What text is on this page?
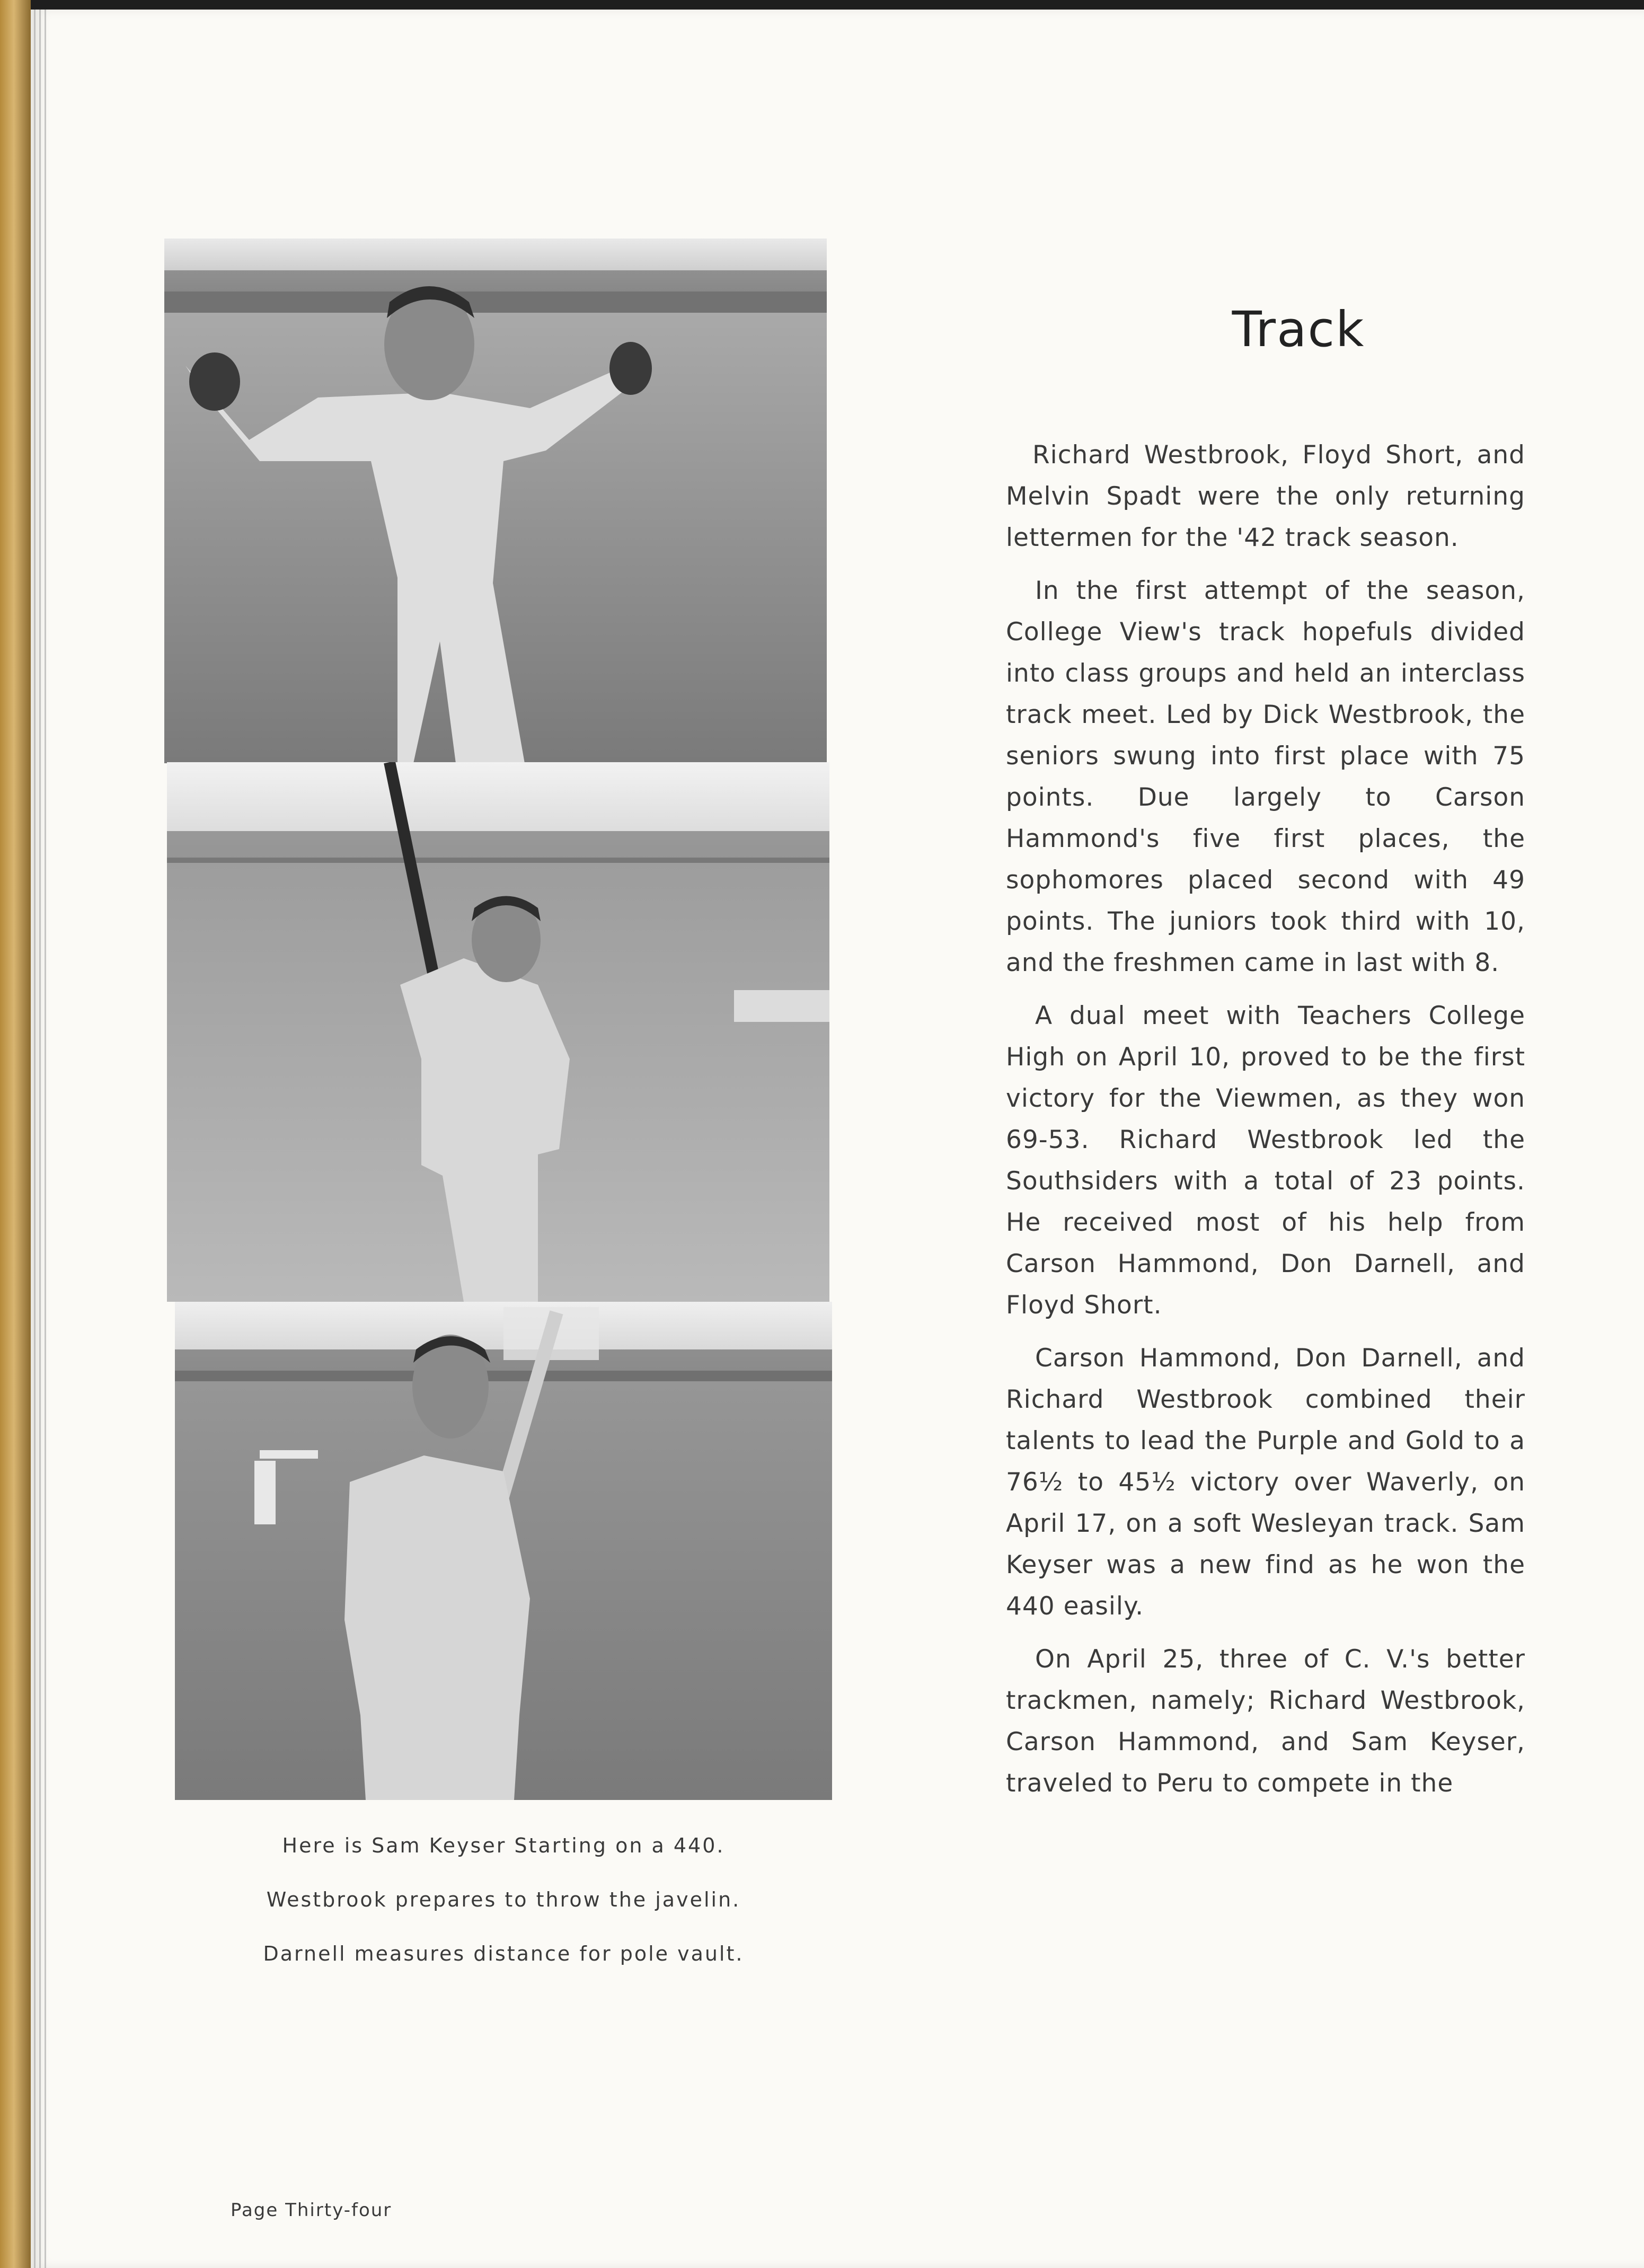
Here is Sam Keyser Starting on a 440.
Westbrook prepares to throw the javelin.
Darnell measures distance for pole vault.
Track

Richard Westbrook, Floyd Short, and Melvin Spadt were the only returning lettermen for the '42 track season.

In the first attempt of the season, College View's track hopefuls divided into class groups and held an interclass track meet. Led by Dick Westbrook, the seniors swung into first place with 75 points. Due largely to Carson Hammond's five first places, the sophomores placed second with 49 points. The juniors took third with 10, and the freshmen came in last with 8.

A dual meet with Teachers College High on April 10, proved to be the first victory for the Viewmen, as they won 69-53. Richard Westbrook led the Southsiders with a total of 23 points. He received most of his help from Carson Hammond, Don Darnell, and Floyd Short.

Carson Hammond, Don Darnell, and Richard Westbrook combined their talents to lead the Purple and Gold to a 76½ to 45½ victory over Waverly, on April 17, on a soft Wesleyan track. Sam Keyser was a new find as he won the 440 easily.

On April 25, three of C. V.'s better trackmen, namely; Richard Westbrook, Carson Hammond, and Sam Keyser, traveled to Peru to compete in the

Page Thirty-four
